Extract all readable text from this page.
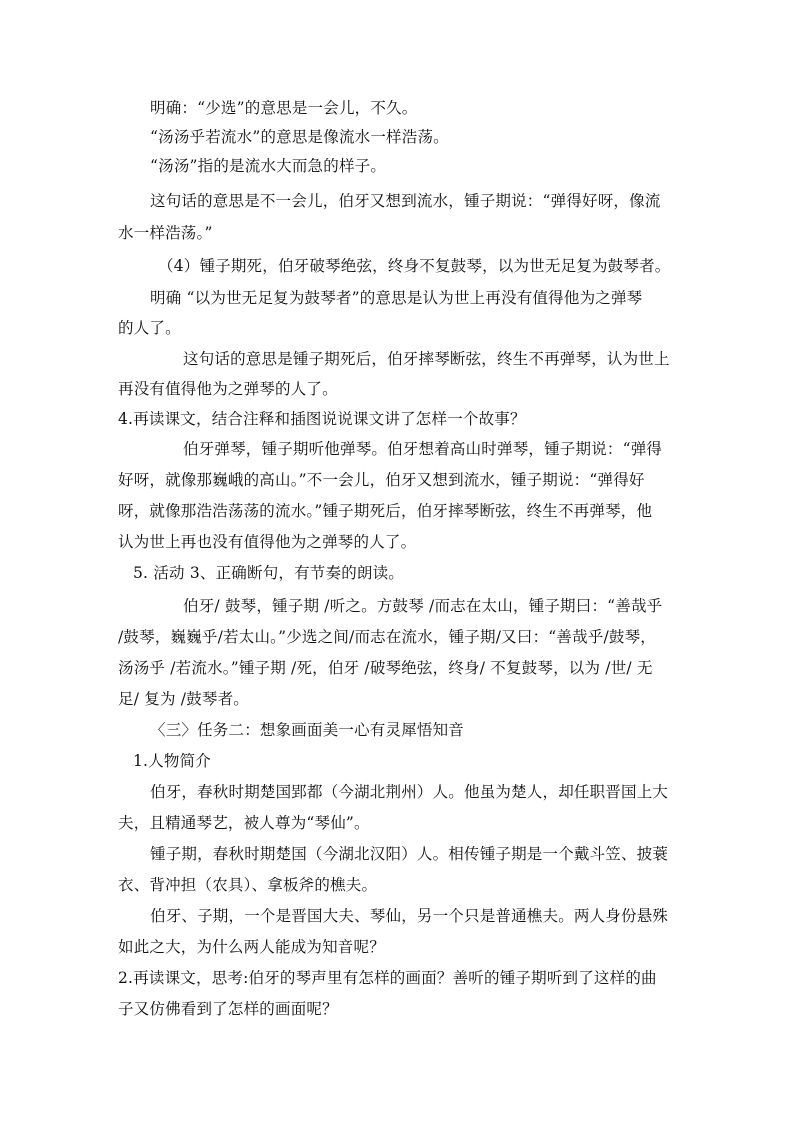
明确：“少选”的意思是一会儿，不久。
“汤汤乎若流水”的意思是像流水一样浩荡。
“汤汤”指的是流水大而急的样子。
这句话的意思是不一会儿，伯牙又想到流水，锺子期说：“弹得好呀，像流
水一样浩荡。”
（4）锺子期死，伯牙破琴绝弦，终身不复鼓琴，以为世无足复为鼓琴者。
明确 “以为世无足复为鼓琴者”的意思是认为世上再没有值得他为之弹琴
的人了。
这句话的意思是锺子期死后，伯牙摔琴断弦，终生不再弹琴，认为世上
再没有值得他为之弹琴的人了。
4.再读课文，结合注释和插图说说课文讲了怎样一个故事？
伯牙弹琴，锺子期听他弹琴。伯牙想着高山时弹琴，锺子期说：“弹得
好呀，就像那巍峨的高山。”不一会儿，伯牙又想到流水，锺子期说：“弹得好
呀，就像那浩浩荡荡的流水。”锺子期死后，伯牙摔琴断弦，终生不再弹琴，他
认为世上再也没有值得他为之弹琴的人了。
5. 活动 3、正确断句，有节奏的朗读。
伯牙/ 鼓琴，锺子期 /听之。方鼓琴 /而志在太山，锺子期曰：“善哉乎
/鼓琴，巍巍乎/若太山。”少选之间/而志在流水，锺子期/又曰：“善哉乎/鼓琴，
汤汤乎 /若流水。”锺子期 /死，伯牙 /破琴绝弦，终身/ 不复鼓琴，以为 /世/ 无
足/ 复为 /鼓琴者。
〈三〉任务二：想象画面美一心有灵犀悟知音
1.人物简介
伯牙，春秋时期楚国郢都（今湖北荆州）人。他虽为楚人，却任职晋国上大
夫，且精通琴艺，被人尊为“琴仙”。
锺子期，春秋时期楚国（今湖北汉阳）人。相传锺子期是一个戴斗笠、披蓑
衣、背冲担（农具）、拿板斧的樵夫。
伯牙、子期，一个是晋国大夫、琴仙，另一个只是普通樵夫。两人身份悬殊
如此之大，为什么两人能成为知音呢？
2.再读课文，思考:伯牙的琴声里有怎样的画面？善听的锺子期听到了这样的曲
子又仿佛看到了怎样的画面呢？
